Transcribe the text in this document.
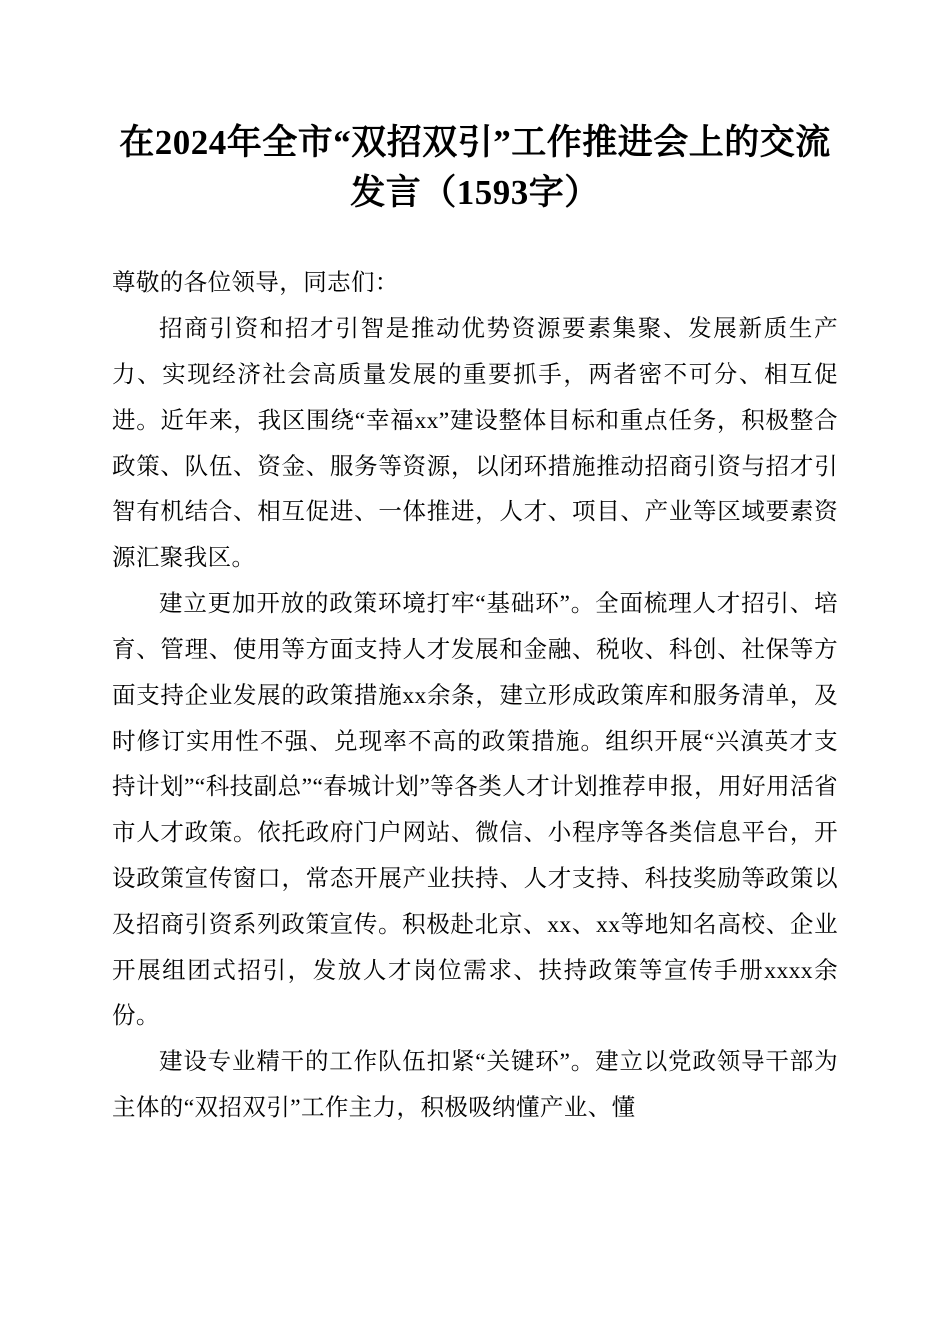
在2024年全市“双招双引”工作推进会上的交流发言（1593字）

尊敬的各位领导，同志们：

招商引资和招才引智是推动优势资源要素集聚、发展新质生产力、实现经济社会高质量发展的重要抓手，两者密不可分、相互促进。近年来，我区围绕“幸福xx”建设整体目标和重点任务，积极整合政策、队伍、资金、服务等资源，以闭环措施推动招商引资与招才引智有机结合、相互促进、一体推进，人才、项目、产业等区域要素资源汇聚我区。

建立更加开放的政策环境打牢“基础环”。全面梳理人才招引、培育、管理、使用等方面支持人才发展和金融、税收、科创、社保等方面支持企业发展的政策措施xx余条，建立形成政策库和服务清单，及时修订实用性不强、兑现率不高的政策措施。组织开展“兴滇英才支持计划”“科技副总”“春城计划”等各类人才计划推荐申报，用好用活省市人才政策。依托政府门户网站、微信、小程序等各类信息平台，开设政策宣传窗口，常态开展产业扶持、人才支持、科技奖励等政策以及招商引资系列政策宣传。积极赴北京、xx、xx等地知名高校、企业开展组团式招引，发放人才岗位需求、扶持政策等宣传手册xxxx余份。

建设专业精干的工作队伍扣紧“关键环”。建立以党政领导干部为主体的“双招双引”工作主力，积极吸纳懂产业、懂
